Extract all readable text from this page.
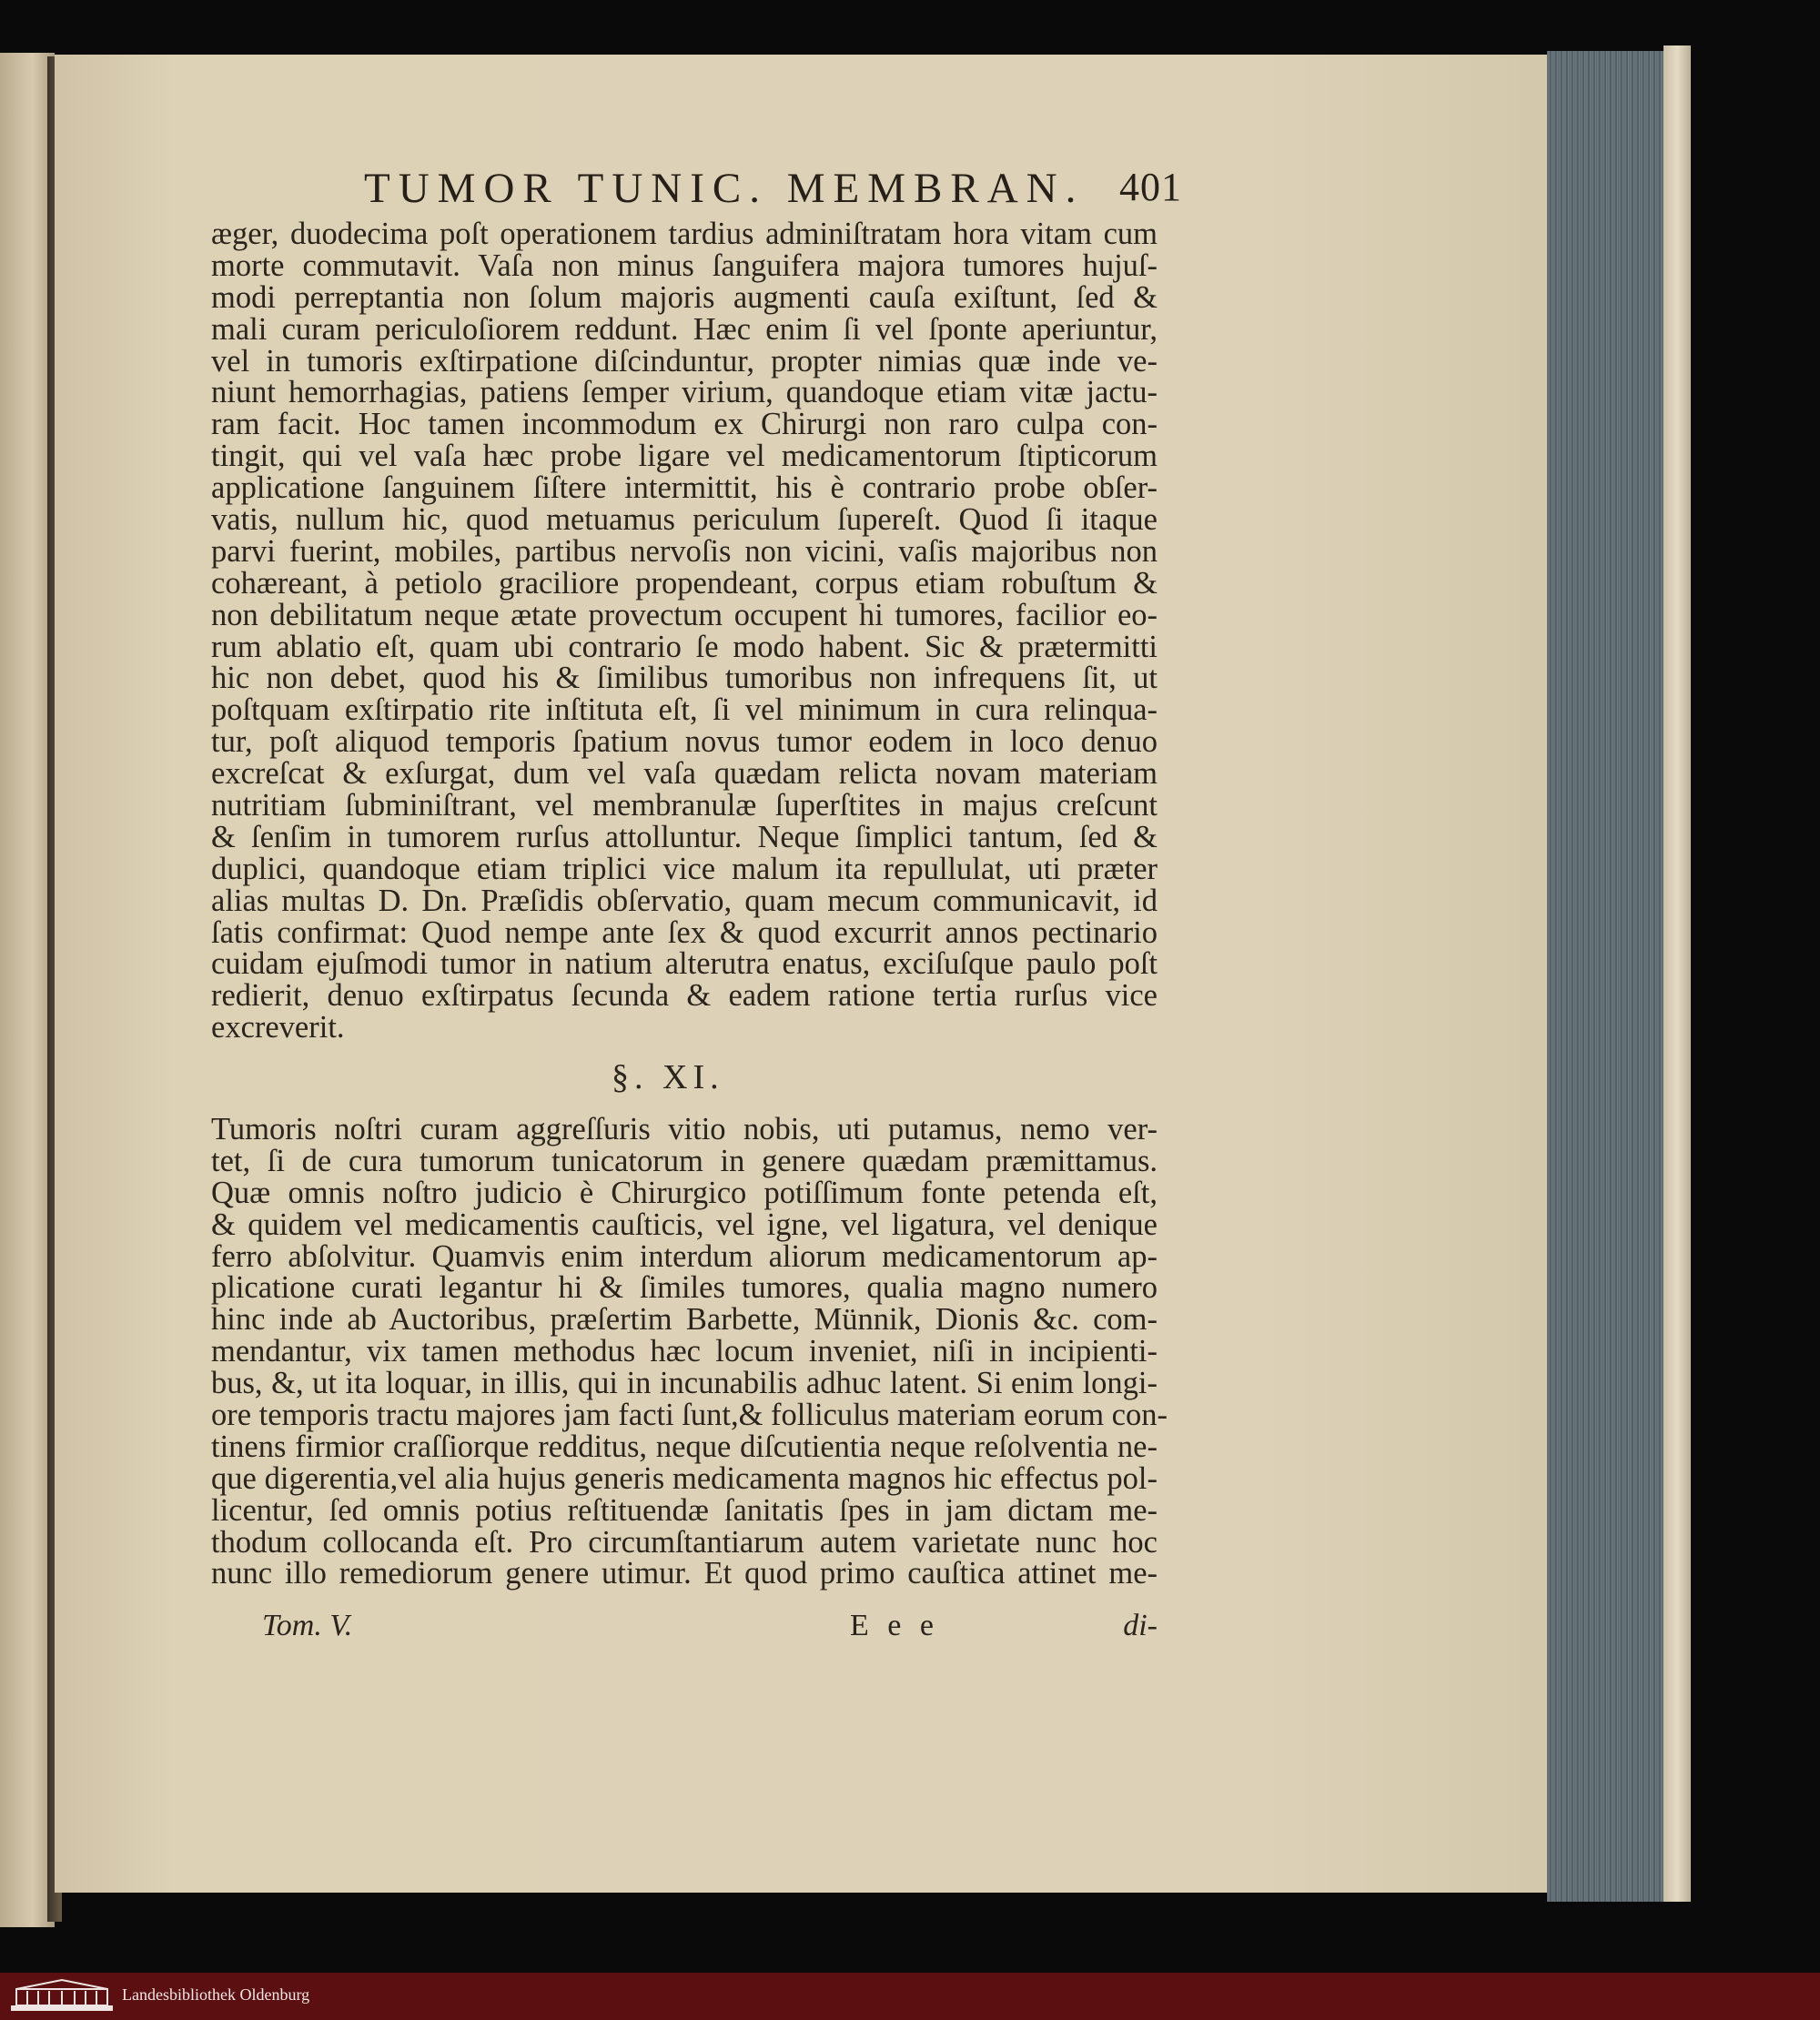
TUMOR TUNIC. MEMBRAN. 401
æger, duodecima poſt operationem tardius adminiſtratam hora vitam cum
morte commutavit. Vaſa non minus ſanguifera majora tumores hujuſ-
modi perreptantia non ſolum majoris augmenti cauſa exiſtunt, ſed &
mali curam periculoſiorem reddunt. Hæc enim ſi vel ſponte aperiuntur,
vel in tumoris exſtirpatione diſcinduntur, propter nimias quæ inde ve-
niunt hemorrhagias, patiens ſemper virium, quandoque etiam vitæ jactu-
ram facit. Hoc tamen incommodum ex Chirurgi non raro culpa con-
tingit, qui vel vaſa hæc probe ligare vel medicamentorum ſtipticorum
applicatione ſanguinem ſiſtere intermittit, his è contrario probe obſer-
vatis, nullum hic, quod metuamus periculum ſupereſt. Quod ſi itaque
parvi fuerint, mobiles, partibus nervoſis non vicini, vaſis majoribus non
cohæreant, à petiolo graciliore propendeant, corpus etiam robuſtum &
non debilitatum neque ætate provectum occupent hi tumores, facilior eo-
rum ablatio eſt, quam ubi contrario ſe modo habent. Sic & prætermitti
hic non debet, quod his & ſimilibus tumoribus non infrequens ſit, ut
poſtquam exſtirpatio rite inſtituta eſt, ſi vel minimum in cura relinqua-
tur, poſt aliquod temporis ſpatium novus tumor eodem in loco denuo
excreſcat & exſurgat, dum vel vaſa quædam relicta novam materiam
nutritiam ſubminiſtrant, vel membranulæ ſuperſtites in majus creſcunt
& ſenſim in tumorem rurſus attolluntur. Neque ſimplici tantum, ſed &
duplici, quandoque etiam triplici vice malum ita repullulat, uti præter
alias multas D. Dn. Præſidis obſervatio, quam mecum communicavit, id
ſatis confirmat: Quod nempe ante ſex & quod excurrit annos pectinario
cuidam ejuſmodi tumor in natium alterutra enatus, exciſuſque paulo poſt
redierit, denuo exſtirpatus ſecunda & eadem ratione tertia rurſus vice
excreverit.
§. XI.
Tumoris noſtri curam aggreſſuris vitio nobis, uti putamus, nemo ver-
tet, ſi de cura tumorum tunicatorum in genere quædam præmittamus.
Quæ omnis noſtro judicio è Chirurgico potiſſimum fonte petenda eſt,
& quidem vel medicamentis cauſticis, vel igne, vel ligatura, vel denique
ferro abſolvitur. Quamvis enim interdum aliorum medicamentorum ap-
plicatione curati legantur hi & ſimiles tumores, qualia magno numero
hinc inde ab Auctoribus, præſertim Barbette, Münnik, Dionis &c. com-
mendantur, vix tamen methodus hæc locum inveniet, niſi in incipienti-
bus, &, ut ita loquar, in illis, qui in incunabilis adhuc latent. Si enim longi-
ore temporis tractu majores jam facti ſunt,& folliculus materiam eorum con-
tinens firmior craſſiorque redditus, neque diſcutientia neque reſolventia ne-
que digerentia,vel alia hujus generis medicamenta magnos hic effectus pol-
licentur, ſed omnis potius reſtituendæ ſanitatis ſpes in jam dictam me-
thodum collocanda eſt. Pro circumſtantiarum autem varietate nunc hoc
nunc illo remediorum genere utimur. Et quod primo cauſtica attinet me-
Tom. V.	E e e	di-
Landesbibliothek Oldenburg
